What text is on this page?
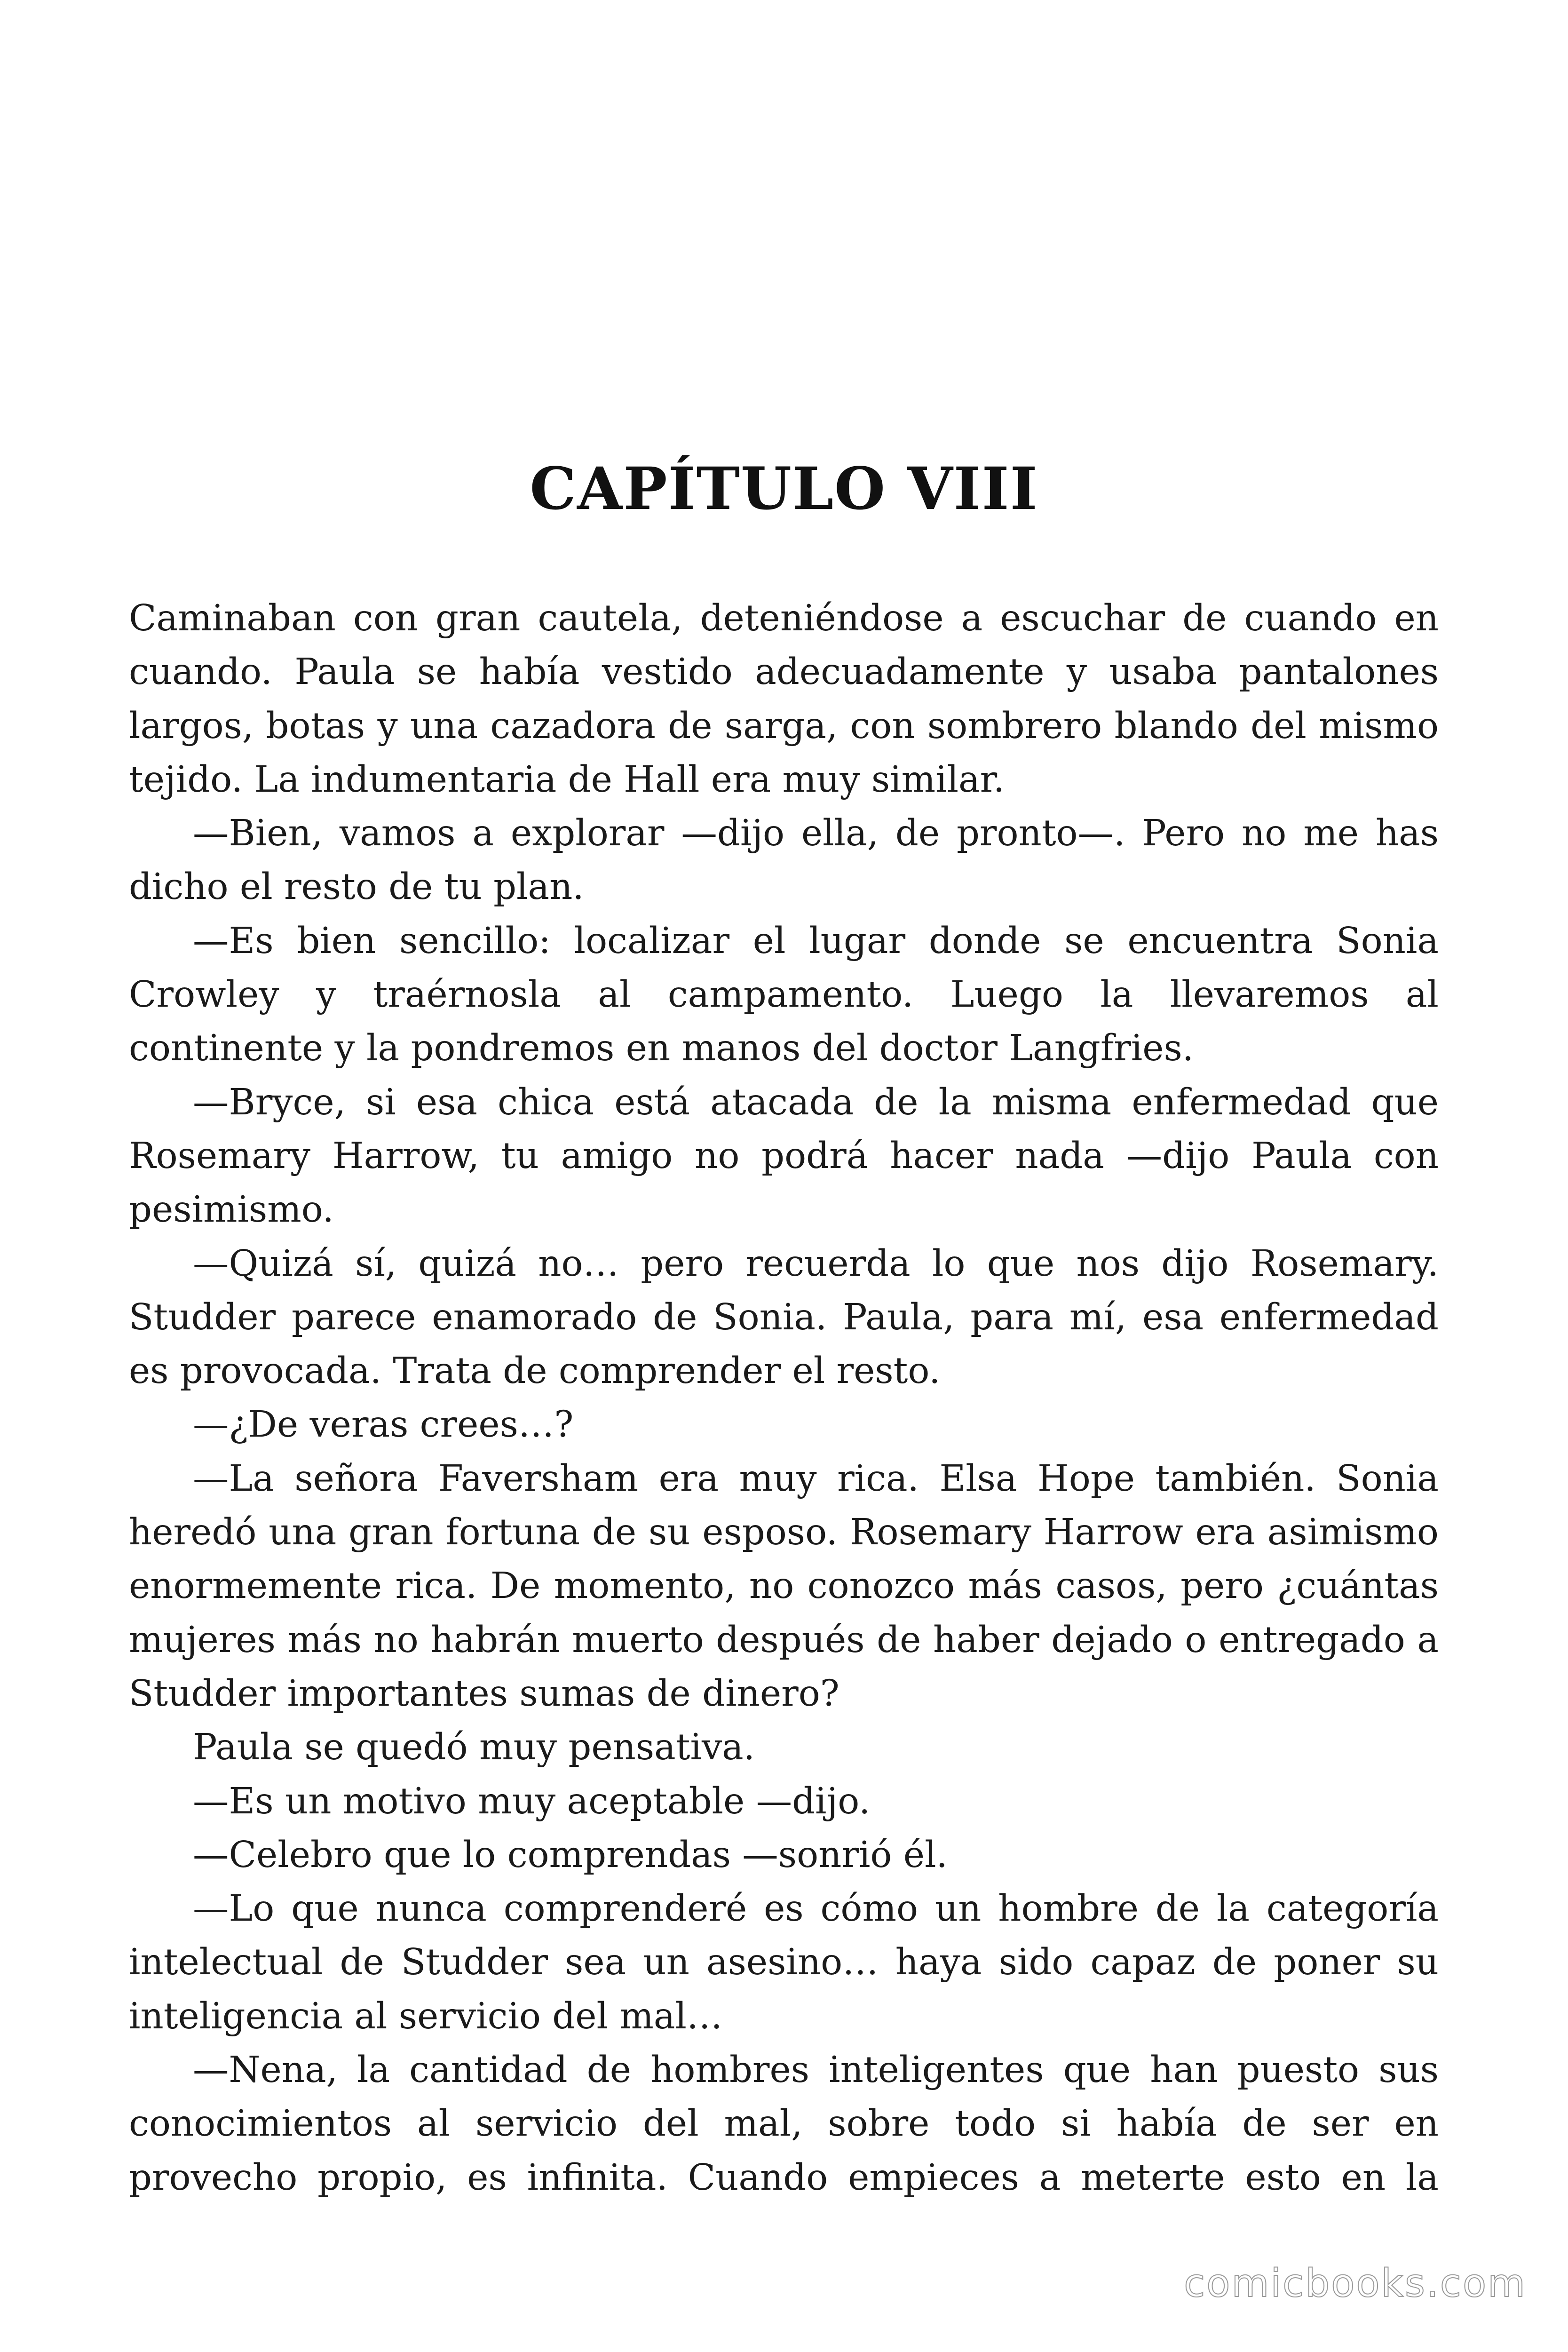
CAPÍTULO VIII

Caminaban con gran cautela, deteniéndose a escuchar de cuando en cuando. Paula se había vestido adecuadamente y usaba pantalones largos, botas y una cazadora de sarga, con sombrero blando del mismo tejido. La indumentaria de Hall era muy similar.

—Bien, vamos a explorar —dijo ella, de pronto—. Pero no me has dicho el resto de tu plan.

—Es bien sencillo: localizar el lugar donde se encuentra Sonia Crowley y traérnosla al campamento. Luego la llevaremos al continente y la pondremos en manos del doctor Langfries.

—Bryce, si esa chica está atacada de la misma enfermedad que Rosemary Harrow, tu amigo no podrá hacer nada —dijo Paula con pesimismo.

—Quizá sí, quizá no… pero recuerda lo que nos dijo Rosemary. Studder parece enamorado de Sonia. Paula, para mí, esa enfermedad es provocada. Trata de comprender el resto.

—¿De veras crees…?

—La señora Faversham era muy rica. Elsa Hope también. Sonia heredó una gran fortuna de su esposo. Rosemary Harrow era asimismo enormemente rica. De momento, no conozco más casos, pero ¿cuántas mujeres más no habrán muerto después de haber dejado o entregado a Studder importantes sumas de dinero?

Paula se quedó muy pensativa.

—Es un motivo muy aceptable —dijo.

—Celebro que lo comprendas —sonrió él.

—Lo que nunca comprenderé es cómo un hombre de la categoría intelectual de Studder sea un asesino… haya sido capaz de poner su inteligencia al servicio del mal…

—Nena, la cantidad de hombres inteligentes que han puesto sus conocimientos al servicio del mal, sobre todo si había de ser en provecho propio, es infinita. Cuando empieces a meterte esto en la

comicbooks.com
